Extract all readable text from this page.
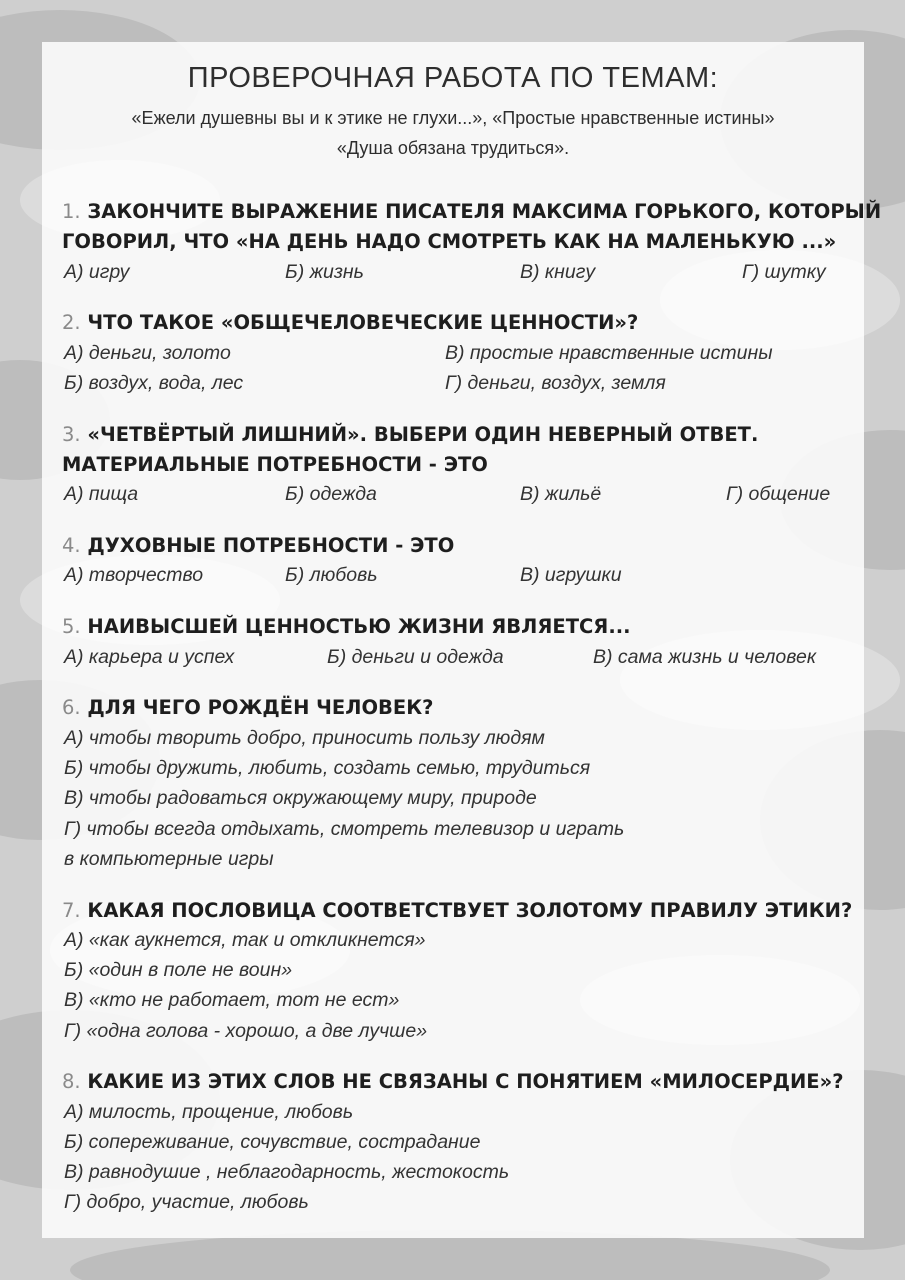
ПРОВЕРОЧНАЯ РАБОТА ПО ТЕМАМ:
«Ежели душевны вы и к этике не глухи...», «Простые нравственные истины»
«Душа обязана трудиться».
1. ЗАКОНЧИТЕ ВЫРАЖЕНИЕ ПИСАТЕЛЯ МАКСИМА ГОРЬКОГО, КОТОРЫЙ
ГОВОРИЛ, ЧТО «НА ДЕНЬ НАДО СМОТРЕТЬ КАК НА МАЛЕНЬКУЮ ...»
А) игру	Б) жизнь	В) книгу	Г) шутку
2. ЧТО ТАКОЕ «ОБЩЕЧЕЛОВЕЧЕСКИЕ ЦЕННОСТИ»?
А) деньги, золото	В) простые нравственные истины
Б) воздух, вода, лес	Г) деньги, воздух, земля
3. «ЧЕТВЁРТЫЙ ЛИШНИЙ». ВЫБЕРИ ОДИН НЕВЕРНЫЙ ОТВЕТ.
МАТЕРИАЛЬНЫЕ ПОТРЕБНОСТИ - ЭТО
А) пища	Б) одежда	В) жильё	Г) общение
4. ДУХОВНЫЕ ПОТРЕБНОСТИ - ЭТО
А) творчество	Б) любовь	В) игрушки
5. НАИВЫСШЕЙ ЦЕННОСТЬЮ ЖИЗНИ ЯВЛЯЕТСЯ...
А) карьера и успех	Б) деньги и одежда	В) сама жизнь и человек
6. ДЛЯ ЧЕГО РОЖДЁН ЧЕЛОВЕК?
А) чтобы творить добро, приносить пользу людям
Б) чтобы дружить, любить, создать семью, трудиться
В) чтобы радоваться окружающему миру, природе
Г) чтобы всегда отдыхать, смотреть телевизор и играть
в компьютерные игры
7. КАКАЯ ПОСЛОВИЦА СООТВЕТСТВУЕТ ЗОЛОТОМУ ПРАВИЛУ ЭТИКИ?
А) «как аукнется, так и откликнется»
Б) «один в поле не воин»
В) «кто не работает, тот не ест»
Г) «одна голова - хорошо, а две лучше»
8. КАКИЕ ИЗ ЭТИХ СЛОВ НЕ СВЯЗАНЫ С ПОНЯТИЕМ «МИЛОСЕРДИЕ»?
А) милость, прощение, любовь
Б) сопереживание, сочувствие, сострадание
В) равнодушие , неблагодарность, жестокость
Г) добро, участие, любовь
